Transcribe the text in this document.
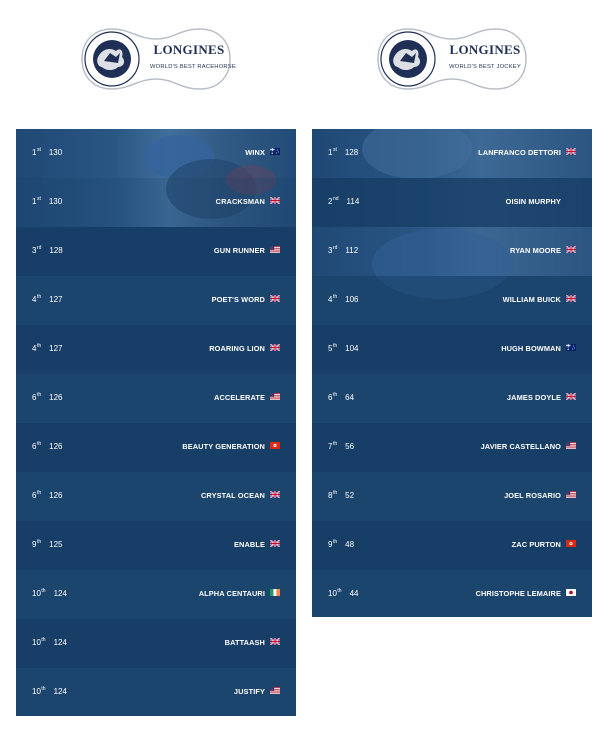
LONGINES
WORLD'S BEST RACEHORSE
LONGINES
WORLD'S BEST JOCKEY
1st 130	WINX
1st 130	CRACKSMAN
3rd 128	GUN RUNNER
4th 127	POET'S WORD
4th 127	ROARING LION
6th 126	ACCELERATE
6th 126	BEAUTY GENERATION
6th 126	CRYSTAL OCEAN
9th 125	ENABLE
10th 124	ALPHA CENTAURI
10th 124	BATTAASH
10th 124	JUSTIFY
1st 128	LANFRANCO DETTORI
2nd 114	OISIN MURPHY
3rd 112	RYAN MOORE
4th 106	WILLIAM BUICK
5th 104	HUGH BOWMAN
6th 64	JAMES DOYLE
7th 56	JAVIER CASTELLANO
8th 52	JOEL ROSARIO
9th 48	ZAC PURTON
10th 44	CHRISTOPHE LEMAIRE
